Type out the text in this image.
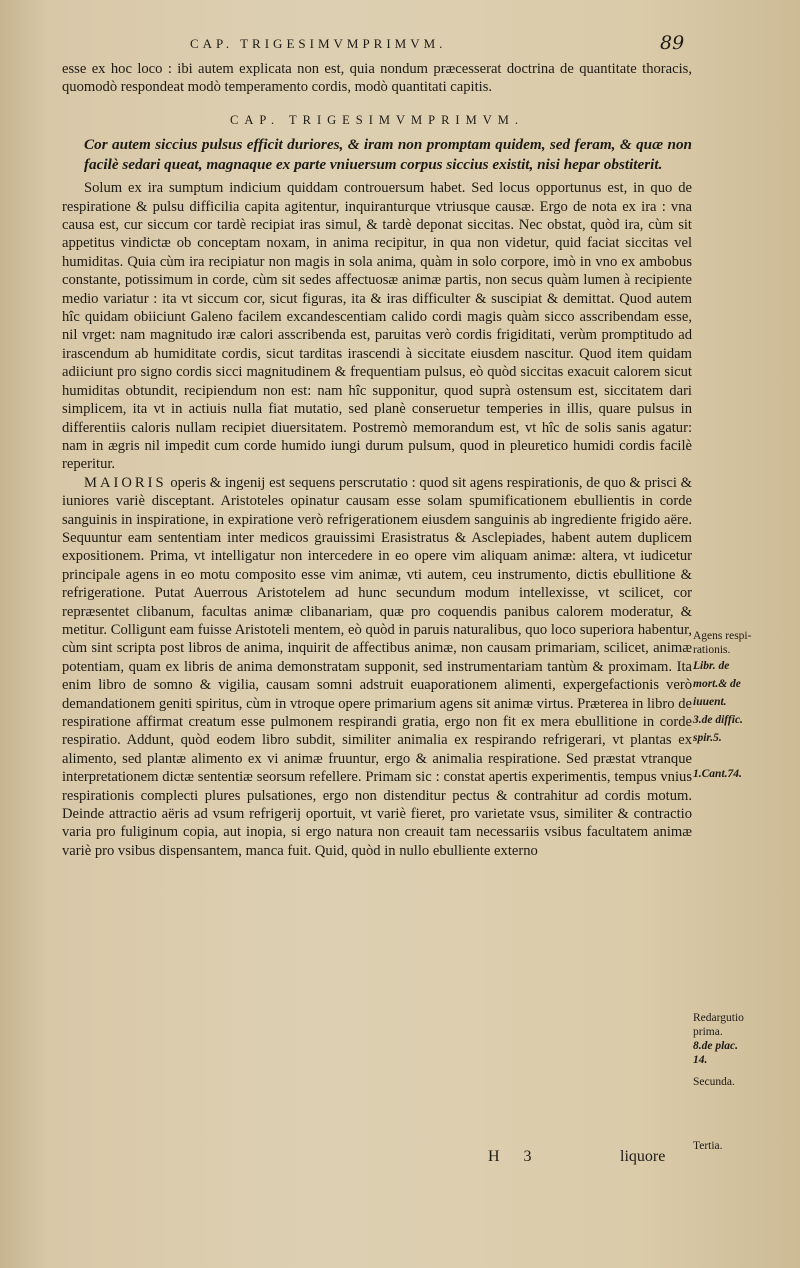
CAP. TRIGESIMVMPRIMVM.	89

esse ex hoc loco : ibi autem explicata non est, quia nondum præcesserat doctrina de quantitate thoracis, quomodò respondeat modò temperamento cordis, modò quantitati capitis.

CAP. TRIGESIMVMPRIMVM.

Cor autem siccius pulsus efficit duriores, & iram non promptam quidem, sed feram, & quæ non facilè sedari queat, magnaque ex parte vniuersum corpus siccius existit, nisi hepar obstiterit.

Solum ex ira sumptum indicium quiddam controuersum habet. Sed locus opportunus est, in quo de respiratione & pulsu difficilia capita agitentur, inquiranturque vtriusque causæ. Ergo de nota ex ira : vna causa est, cur siccum cor tardè recipiat iras simul, & tardè deponat siccitas. Nec obstat, quòd ira, cùm sit appetitus vindictæ ob conceptam noxam, in anima recipitur, in qua non videtur, quid faciat siccitas vel humiditas. Quia cùm ira recipiatur non magis in sola anima, quàm in solo corpore, imò in vno ex ambobus constante, potissimum in corde, cùm sit sedes affectuosæ animæ partis, non secus quàm lumen à recipiente medio variatur : ita vt siccum cor, sicut figuras, ita & iras difficulter & suscipiat & demittat. Quod autem hîc quidam obiiciunt Galeno facilem excandescentiam calido cordi magis quàm sicco asscribendam esse, nil vrget: nam magnitudo iræ calori asscribenda est, paruitas verò cordis frigiditati, verùm promptitudo ad irascendum ab humiditate cordis, sicut tarditas irascendi à siccitate eiusdem nascitur. Quod item quidam adiiciunt pro signo cordis sicci magnitudinem & frequentiam pulsus, eò quòd siccitas exacuit calorem sicut humiditas obtundit, recipiendum non est: nam hîc supponitur, quod suprà ostensum est, siccitatem dari simplicem, ita vt in actiuis nulla fiat mutatio, sed planè conseruetur temperies in illis, quare pulsus in differentiis caloris nullam recipiet diuersitatem. Postremò memorandum est, vt hîc de solis sanis agatur: nam in ægris nil impedit cum corde humido iungi durum pulsum, quod in pleuretico humidi cordis facilè reperitur.

MAIORIS operis & ingenij est sequens perscrutatio : quod sit agens respirationis, de quo & prisci & iuniores variè disceptant. Aristoteles opinatur causam esse solam spumificationem ebullientis in corde sanguinis in inspiratione, in expiratione verò refrigerationem eiusdem sanguinis ab ingrediente frigido aëre. Sequuntur eam sententiam inter medicos grauissimi Erasistratus & Asclepiades, habent autem duplicem expositionem. Prima, vt intelligatur non intercedere in eo opere vim aliquam animæ: altera, vt iudicetur principale agens in eo motu composito esse vim animæ, vti autem, ceu instrumento, dictis ebullitione & refrigeratione. Putat Auerrous Aristotelem ad hunc secundum modum intellexisse, vt scilicet, cor repræsentet clibanum, facultas animæ clibanariam, quæ pro coquendis panibus calorem moderatur, & metitur. Colligunt eam fuisse Aristoteli mentem, eò quòd in paruis naturalibus, quo loco superiora habentur, cùm sint scripta post libros de anima, inquirit de affectibus animæ, non causam primariam, scilicet, animæ potentiam, quam ex libris de anima demonstratam supponit, sed instrumentariam tantùm & proximam. Ita enim libro de somno & vigilia, causam somni adstruit euaporationem alimenti, expergefactionis verò demandationem geniti spiritus, cùm in vtroque opere primarium agens sit animæ virtus. Præterea in libro de respiratione affirmat creatum esse pulmonem respirandi gratia, ergo non fit ex mera ebullitione in corde respiratio. Addunt, quòd eodem libro subdit, similiter animalia ex respirando refrigerari, vt plantas ex alimento, sed plantæ alimento ex vi animæ fruuntur, ergo & animalia respiratione. Sed præstat vtranque interpretationem dictæ sententiæ seorsum refellere. Primam sic : constat apertis experimentis, tempus vnius respirationis complecti plures pulsationes, ergo non distenditur pectus & contrahitur ad cordis motum. Deinde attractio aëris ad vsum refrigerij oportuit, vt variè fieret, pro varietate vsus, similiter & contractio varia pro fuliginum copia, aut inopia, si ergo natura non creauit tam necessariis vsibus facultatem animæ variè pro vsibus dispensantem, manca fuit. Quid, quòd in nullo ebulliente externo

Agens respi-
rationis.
Libr. de
mort.& de
iuuent.
3.de diffic.
spir.5.
1.Cant.74.
Redargutio
prima.
8.de plac.
14.
Secunda.
Tertia.
H 3	liquore
